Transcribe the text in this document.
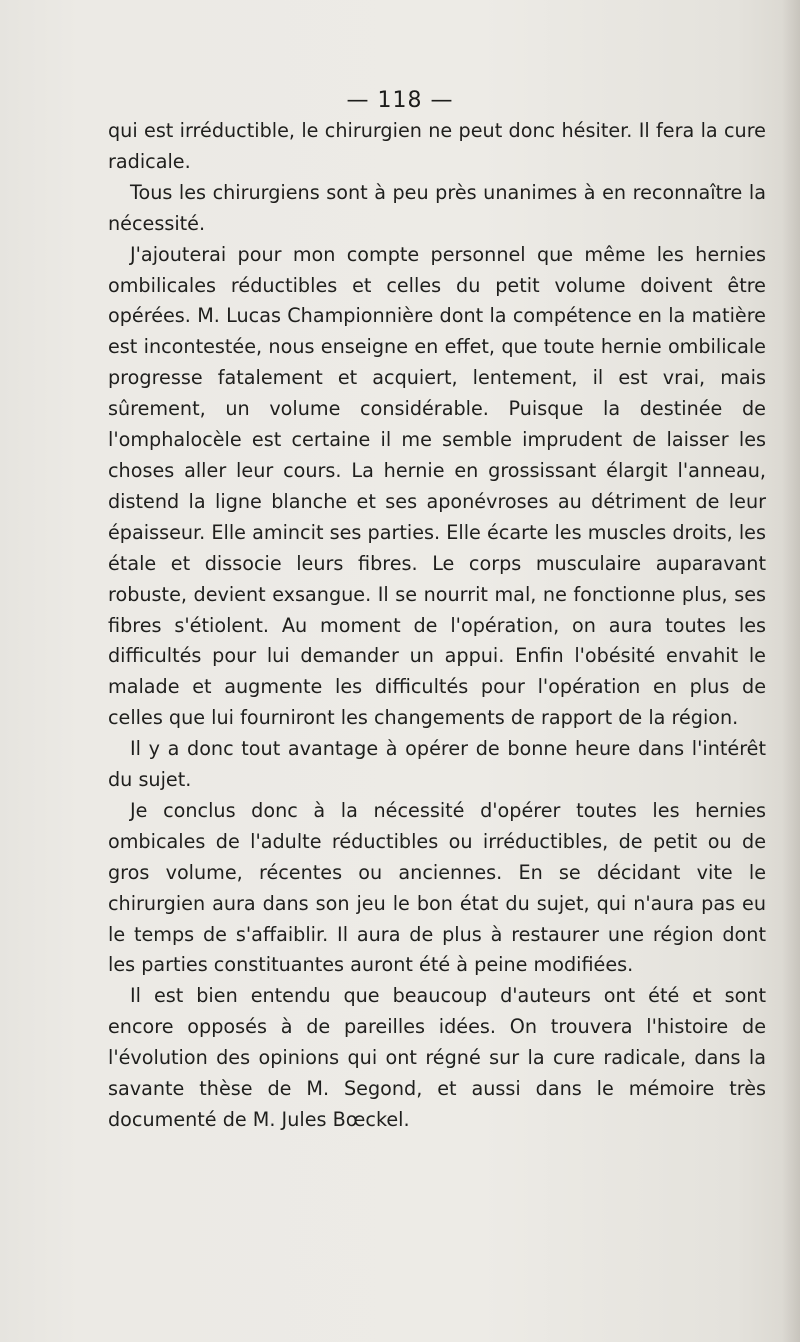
— 118 —

qui est irréductible, le chirurgien ne peut donc hésiter. Il fera la cure radicale.

Tous les chirurgiens sont à peu près unanimes à en reconnaître la nécessité.

J'ajouterai pour mon compte personnel que même les hernies ombilicales réductibles et celles du petit volume doivent être opérées. M. Lucas Championnière dont la compétence en la matière est incontestée, nous enseigne en effet, que toute hernie ombilicale progresse fatalement et acquiert, lentement, il est vrai, mais sûrement, un volume considérable. Puisque la destinée de l'omphalocèle est certaine il me semble imprudent de laisser les choses aller leur cours. La hernie en grossissant élargit l'anneau, distend la ligne blanche et ses aponévroses au détriment de leur épaisseur. Elle amincit ses parties. Elle écarte les muscles droits, les étale et dissocie leurs fibres. Le corps musculaire auparavant robuste, devient exsangue. Il se nourrit mal, ne fonctionne plus, ses fibres s'étiolent. Au moment de l'opération, on aura toutes les difficultés pour lui demander un appui. Enfin l'obésité envahit le malade et augmente les difficultés pour l'opération en plus de celles que lui fourniront les changements de rapport de la région.

Il y a donc tout avantage à opérer de bonne heure dans l'intérêt du sujet.

Je conclus donc à la nécessité d'opérer toutes les hernies ombicales de l'adulte réductibles ou irréductibles, de petit ou de gros volume, récentes ou anciennes. En se décidant vite le chirurgien aura dans son jeu le bon état du sujet, qui n'aura pas eu le temps de s'affaiblir. Il aura de plus à restaurer une région dont les parties constituantes auront été à peine modifiées.

Il est bien entendu que beaucoup d'auteurs ont été et sont encore opposés à de pareilles idées. On trouvera l'histoire de l'évolution des opinions qui ont régné sur la cure radicale, dans la savante thèse de M. Segond, et aussi dans le mémoire très documenté de M. Jules Bœckel.
